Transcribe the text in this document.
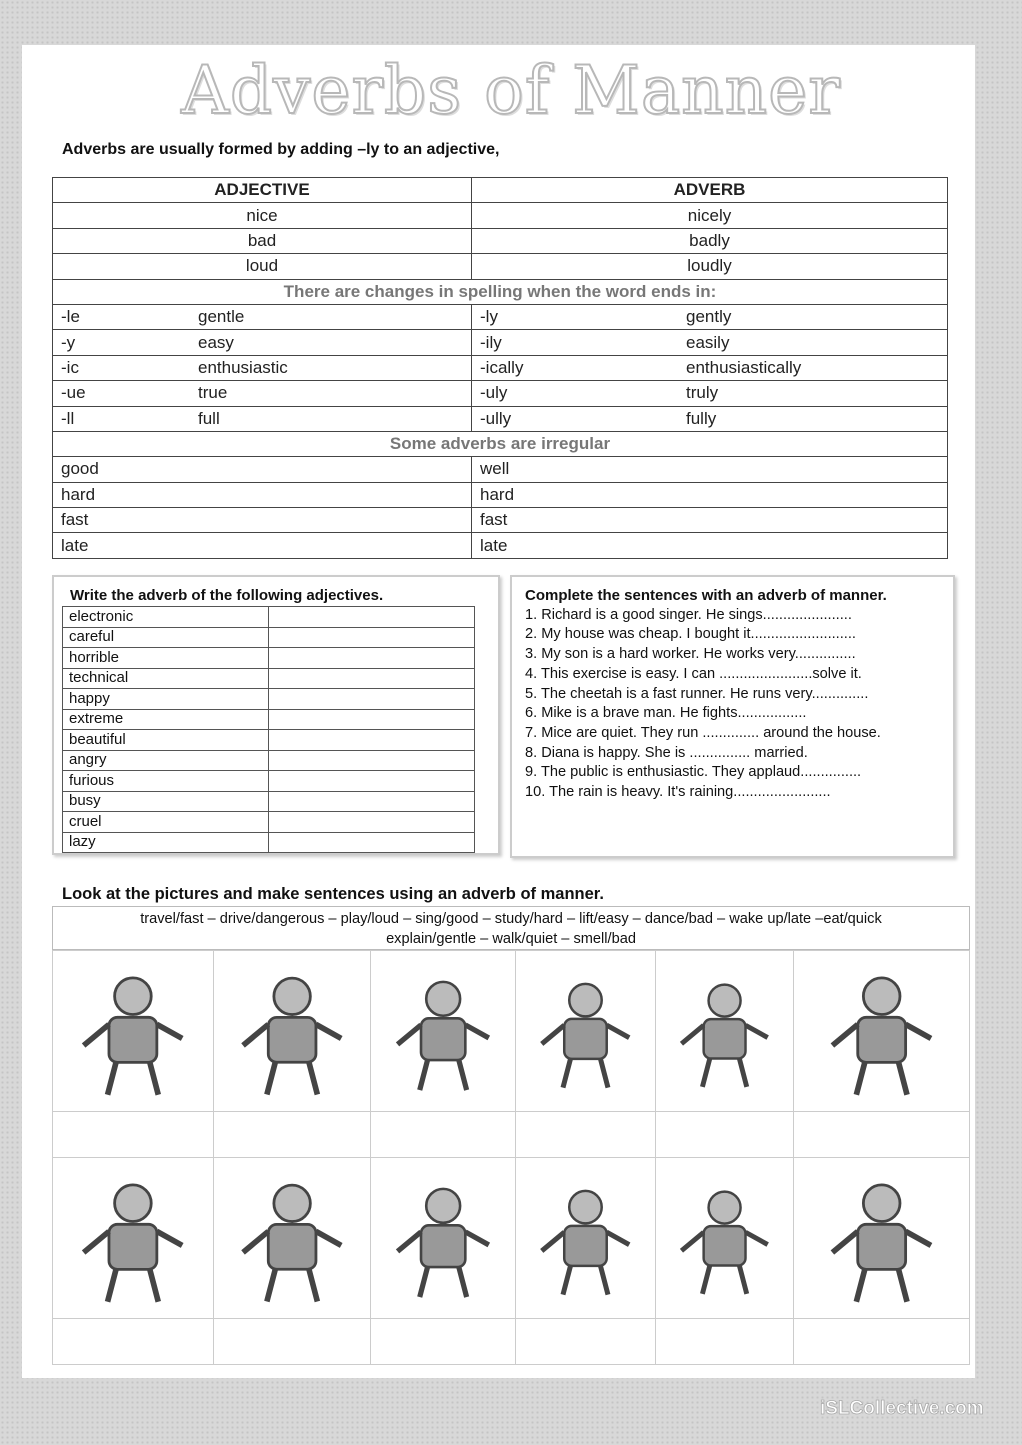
Adverbs of Manner
Adverbs are usually formed by adding –ly to an adjective,
ADJECTIVE	ADVERB
nice	nicely
bad	badly
loud	loudly
There are changes in spelling when the word ends in:	
-le gentle	-ly gently
-y easy	-ily easily
-ic enthusiastic	-ically enthusiastically
-ue true	-uly truly
-ll full	-ully fully
Some adverbs are irregular	
good	well
hard	hard
fast	fast
late	late
Write the adverb of the following adjectives.
electronic	
careful	
horrible	
technical	
happy	
extreme	
beautiful	
angry	
furious	
busy	
cruel	
lazy	
Complete the sentences with an adverb of manner.
1. Richard is a good singer. He sings......................
2. My house was cheap. I bought it..........................
3. My son is a hard worker. He works very...............
4. This exercise is easy. I can .......................solve it.
5. The cheetah is a fast runner. He runs very..............
6. Mike is a brave man. He fights.................
7. Mice are quiet. They run .............. around the house.
8. Diana is happy. She is ............... married.
9. The public is enthusiastic. They applaud...............
10. The rain is heavy. It's raining........................
Look at the pictures and make sentences using an adverb of manner.
travel/fast – drive/dangerous – play/loud – sing/good – study/hard – lift/easy – dance/bad – wake up/late –eat/quick
explain/gentle – walk/quiet – smell/bad

iSLCollective.com
